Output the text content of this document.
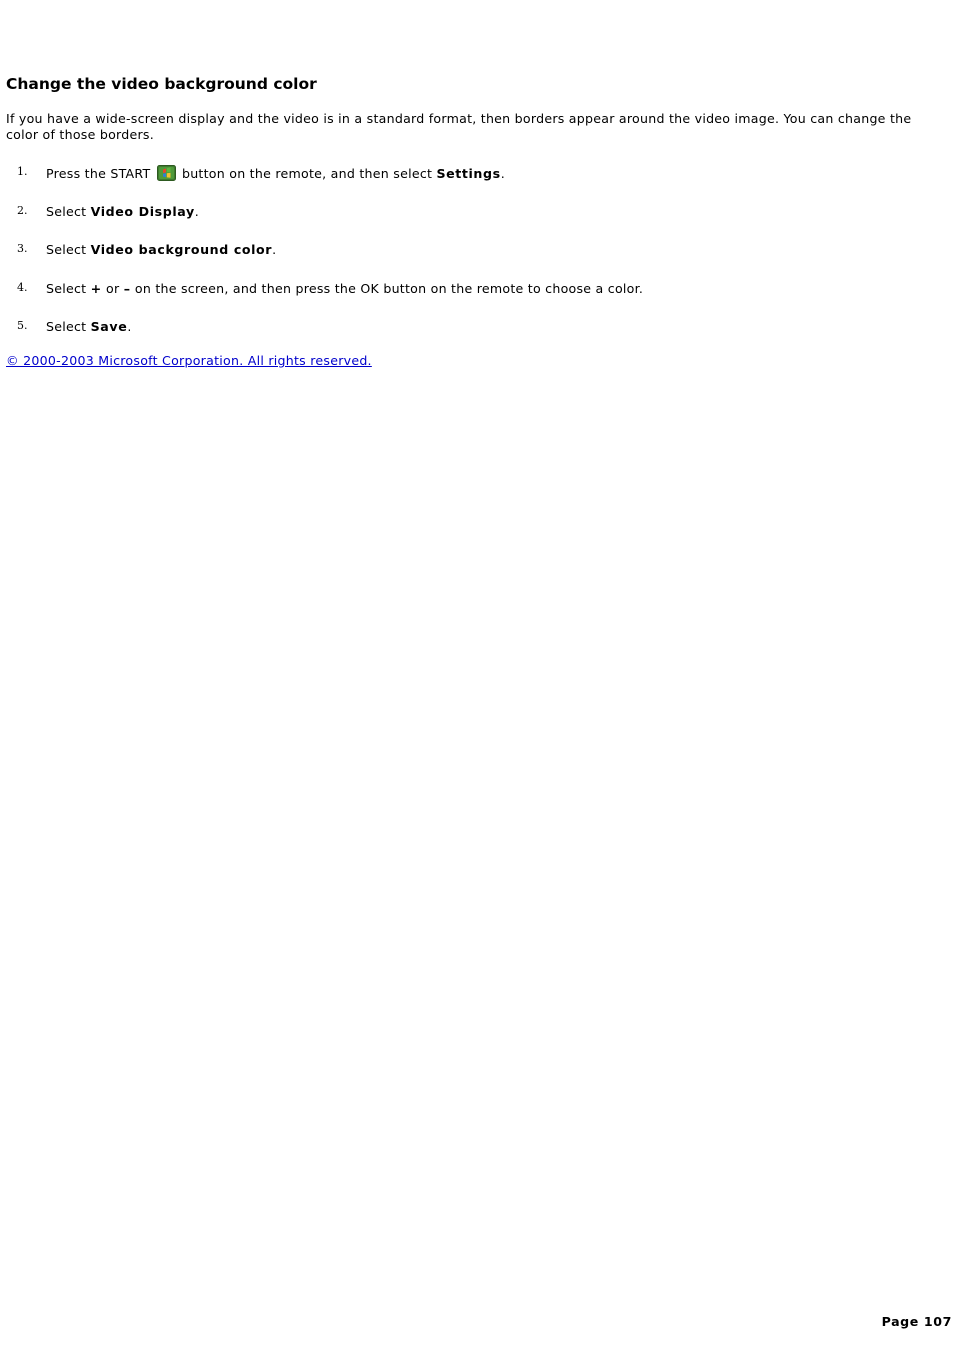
Change the video background color

If you have a wide-screen display and the video is in a standard format, then borders appear around the video image. You can change the color of those borders.

1. Press the START	button on the remote, and then select Settings.
2. Select Video Display.
3. Select Video background color.
4. Select + or – on the screen, and then press the OK button on the remote to choose a color.
5. Select Save.
© 2000-2003 Microsoft Corporation. All rights reserved.
Page 107
